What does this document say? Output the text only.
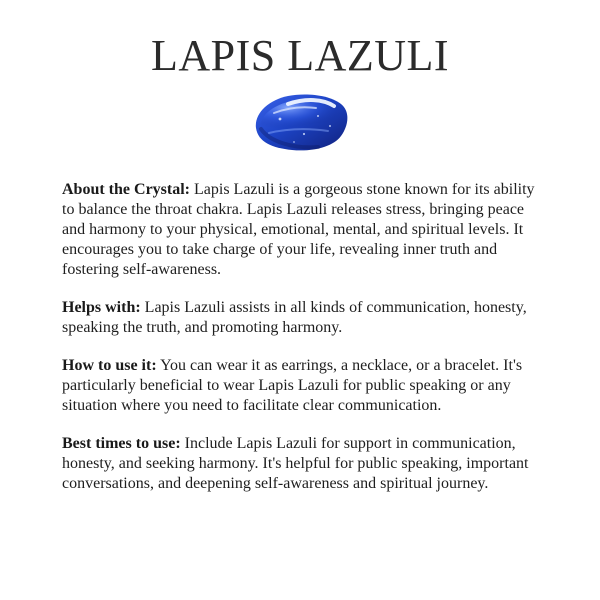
LAPIS LAZULI

About the Crystal: Lapis Lazuli is a gorgeous stone known for its ability to balance the throat chakra. Lapis Lazuli releases stress, bringing peace and harmony to your physical, emotional, mental, and spiritual levels. It encourages you to take charge of your life, revealing inner truth and fostering self-awareness.

Helps with: Lapis Lazuli assists in all kinds of communication, honesty, speaking the truth, and promoting harmony.

How to use it: You can wear it as earrings, a necklace, or a bracelet. It's particularly beneficial to wear Lapis Lazuli for public speaking or any situation where you need to facilitate clear communication.

Best times to use: Include Lapis Lazuli for support in communication, honesty, and seeking harmony. It's helpful for public speaking, important conversations, and deepening self-awareness and spiritual journey.
